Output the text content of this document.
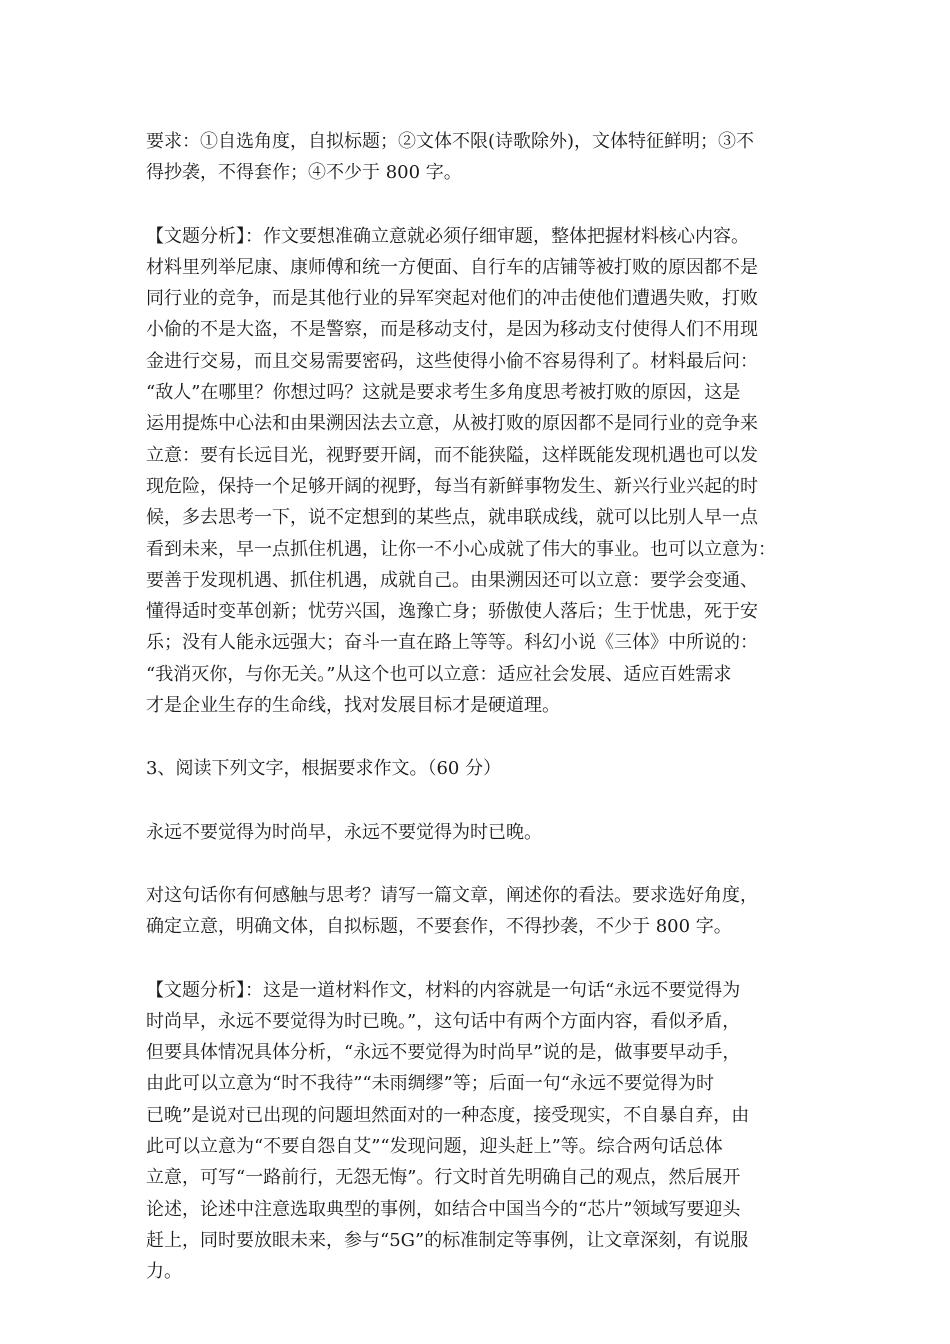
要求：①自选角度，自拟标题；②文体不限(诗歌除外)，文体特征鲜明；③不
得抄袭，不得套作；④不少于 800 字。

【文题分析】：作文要想准确立意就必须仔细审题，整体把握材料核心内容。
材料里列举尼康、康师傅和统一方便面、自行车的店铺等被打败的原因都不是
同行业的竞争，而是其他行业的异军突起对他们的冲击使他们遭遇失败，打败
小偷的不是大盗，不是警察，而是移动支付，是因为移动支付使得人们不用现
金进行交易，而且交易需要密码，这些使得小偷不容易得利了。材料最后问：
“敌人”在哪里？你想过吗？这就是要求考生多角度思考被打败的原因，这是
运用提炼中心法和由果溯因法去立意，从被打败的原因都不是同行业的竞争来
立意：要有长远目光，视野要开阔，而不能狭隘，这样既能发现机遇也可以发
现危险，保持一个足够开阔的视野，每当有新鲜事物发生、新兴行业兴起的时
候，多去思考一下，说不定想到的某些点，就串联成线，就可以比别人早一点
看到未来，早一点抓住机遇，让你一不小心成就了伟大的事业。也可以立意为：
要善于发现机遇、抓住机遇，成就自己。由果溯因还可以立意：要学会变通、
懂得适时变革创新；忧劳兴国，逸豫亡身；骄傲使人落后；生于忧患，死于安
乐；没有人能永远强大；奋斗一直在路上等等。科幻小说《三体》中所说的：
“我消灭你，与你无关。”从这个也可以立意：适应社会发展、适应百姓需求
才是企业生存的生命线，找对发展目标才是硬道理。

3、阅读下列文字，根据要求作文。（60 分）

永远不要觉得为时尚早，永远不要觉得为时已晚。

对这句话你有何感触与思考？请写一篇文章，阐述你的看法。要求选好角度，
确定立意，明确文体，自拟标题，不要套作，不得抄袭，不少于 800 字。

【文题分析】：这是一道材料作文，材料的内容就是一句话“永远不要觉得为
时尚早，永远不要觉得为时已晚。”，这句话中有两个方面内容，看似矛盾，
但要具体情况具体分析，“永远不要觉得为时尚早”说的是，做事要早动手，
由此可以立意为“时不我待”“未雨绸缪”等；后面一句“永远不要觉得为时
已晚”是说对已出现的问题坦然面对的一种态度，接受现实，不自暴自弃，由
此可以立意为“不要自怨自艾”“发现问题，迎头赶上”等。综合两句话总体
立意，可写“一路前行，无怨无悔”。行文时首先明确自己的观点，然后展开
论述，论述中注意选取典型的事例，如结合中国当今的“芯片”领域写要迎头
赶上，同时要放眼未来，参与“5G”的标准制定等事例，让文章深刻，有说服
力。
